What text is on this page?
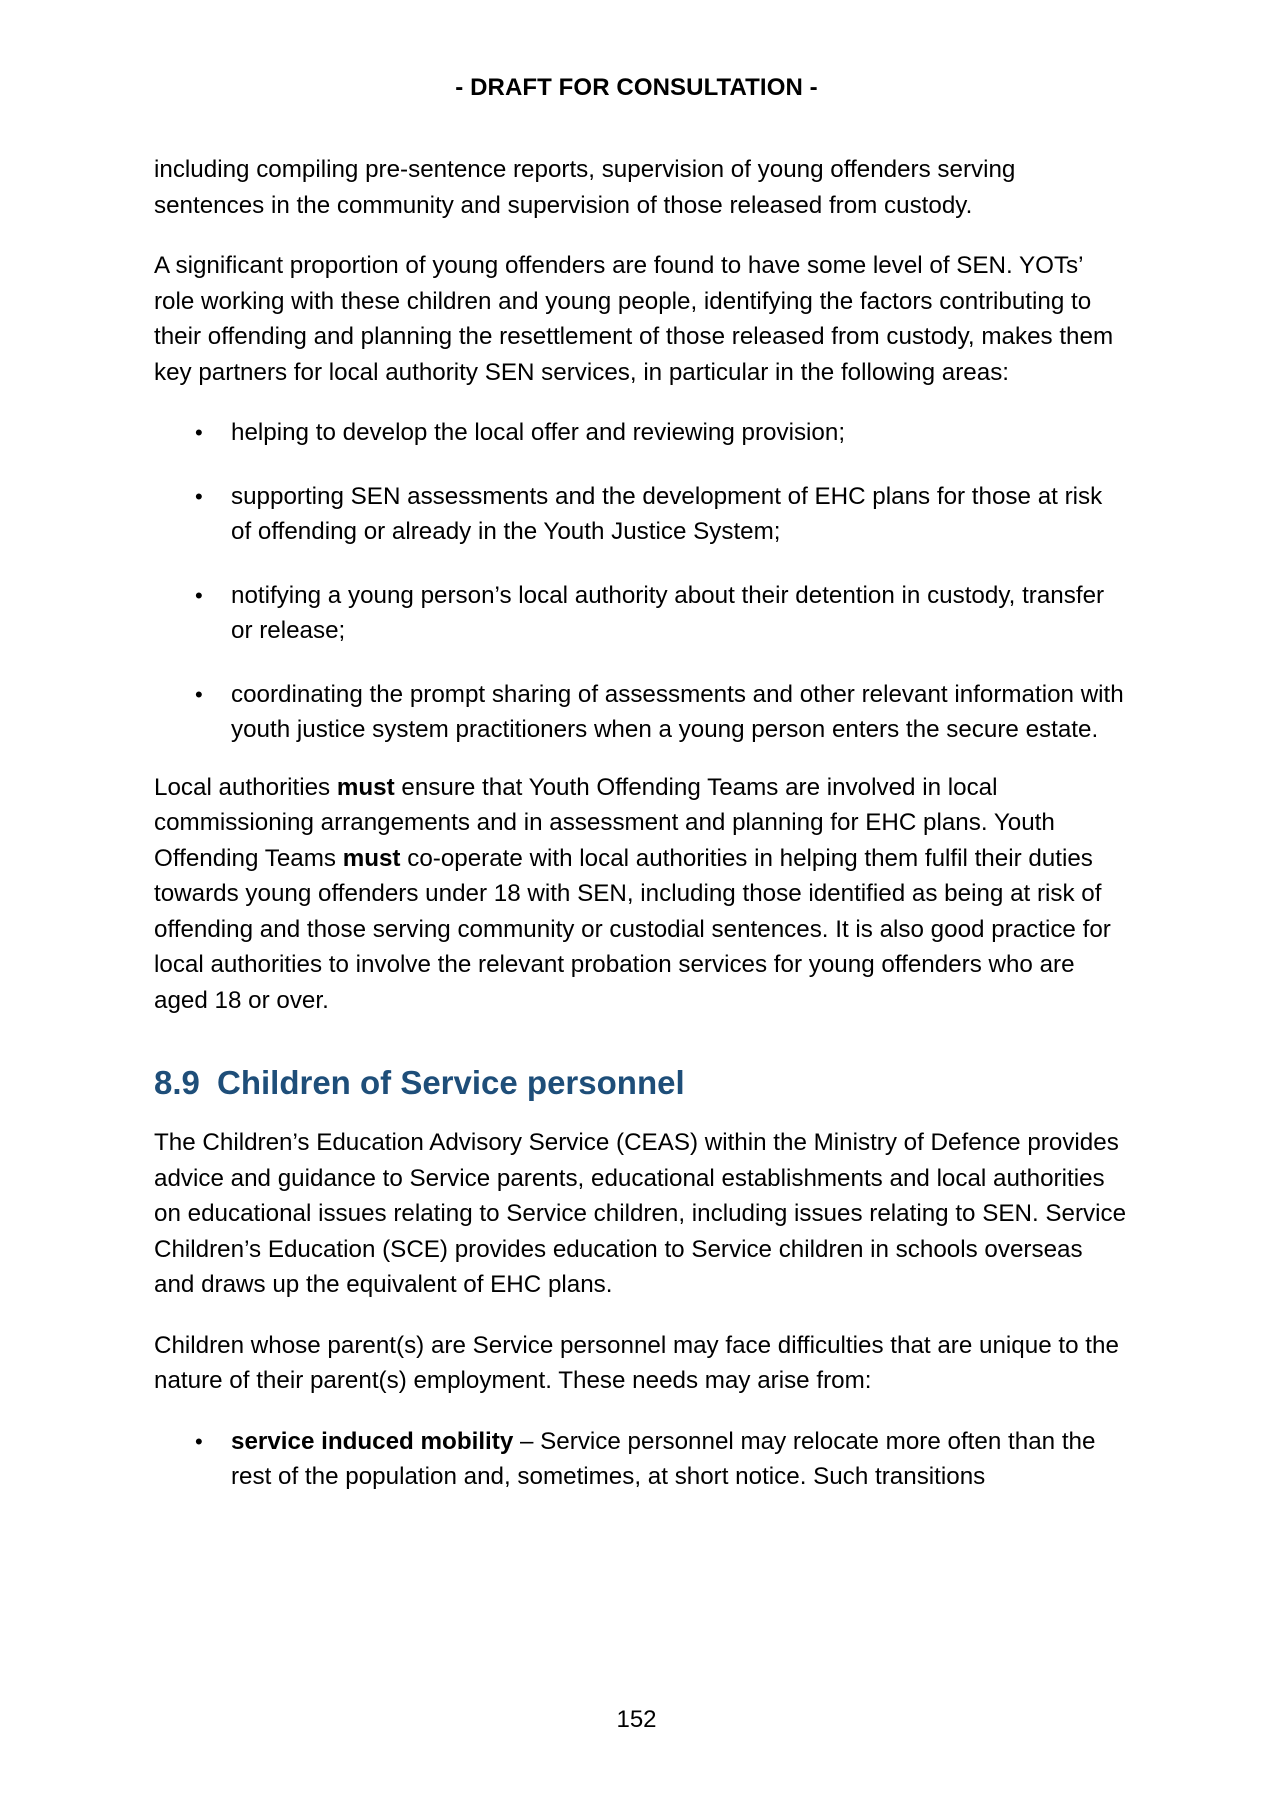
- DRAFT FOR CONSULTATION -

including compiling pre-sentence reports, supervision of young offenders serving sentences in the community and supervision of those released from custody.

A significant proportion of young offenders are found to have some level of SEN. YOTs’ role working with these children and young people, identifying the factors contributing to their offending and planning the resettlement of those released from custody, makes them key partners for local authority SEN services, in particular in the following areas:

• helping to develop the local offer and reviewing provision;
• supporting SEN assessments and the development of EHC plans for those at risk of offending or already in the Youth Justice System;
• notifying a young person’s local authority about their detention in custody, transfer or release;
• coordinating the prompt sharing of assessments and other relevant information with youth justice system practitioners when a young person enters the secure estate.

Local authorities must ensure that Youth Offending Teams are involved in local commissioning arrangements and in assessment and planning for EHC plans. Youth Offending Teams must co-operate with local authorities in helping them fulfil their duties towards young offenders under 18 with SEN, including those identified as being at risk of offending and those serving community or custodial sentences. It is also good practice for local authorities to involve the relevant probation services for young offenders who are aged 18 or over.

8.9 Children of Service personnel

The Children’s Education Advisory Service (CEAS) within the Ministry of Defence provides advice and guidance to Service parents, educational establishments and local authorities on educational issues relating to Service children, including issues relating to SEN. Service Children’s Education (SCE) provides education to Service children in schools overseas and draws up the equivalent of EHC plans.

Children whose parent(s) are Service personnel may face difficulties that are unique to the nature of their parent(s) employment. These needs may arise from:

• service induced mobility – Service personnel may relocate more often than the rest of the population and, sometimes, at short notice. Such transitions
152
